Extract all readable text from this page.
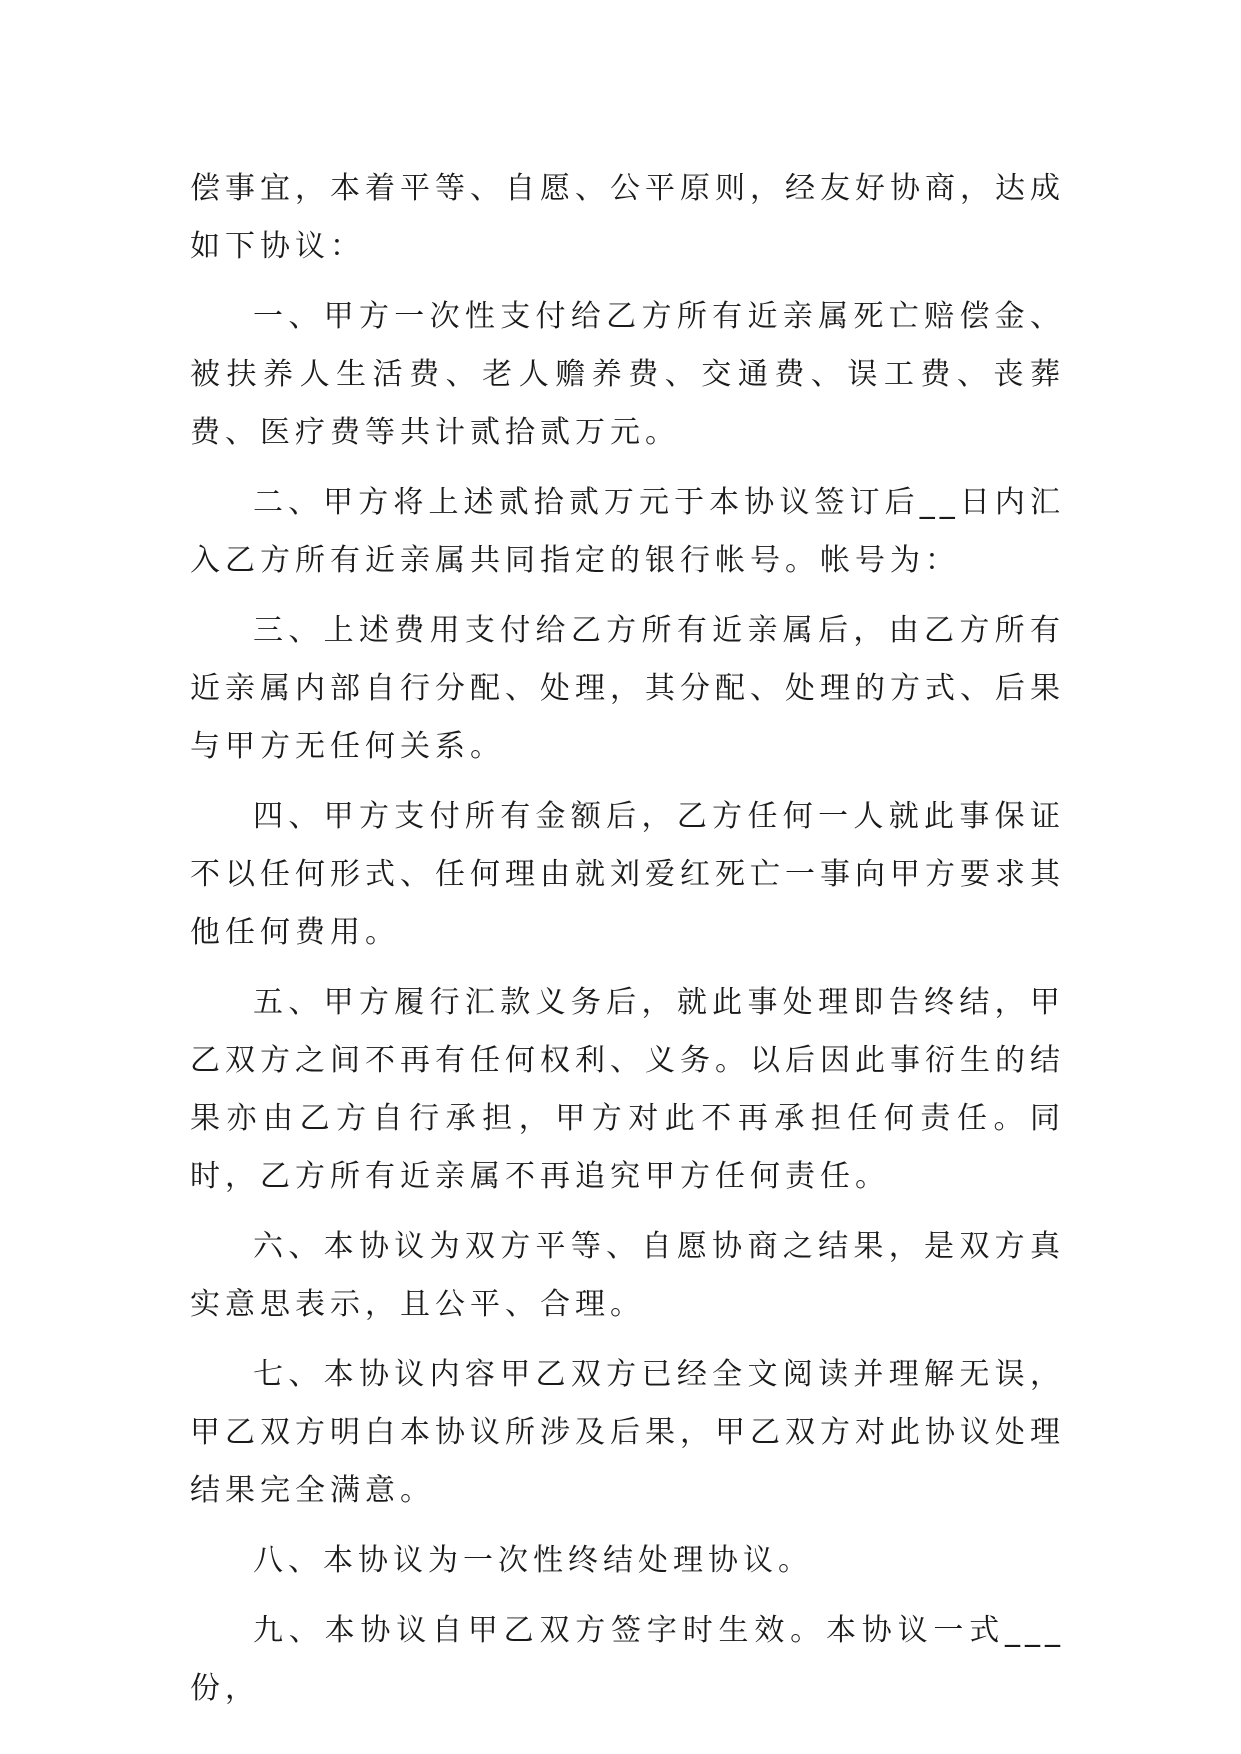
偿事宜，本着平等、自愿、公平原则，经友好协商，达成如下协议：

一、甲方一次性支付给乙方所有近亲属死亡赔偿金、被扶养人生活费、老人赡养费、交通费、误工费、丧葬费、医疗费等共计贰拾贰万元。

二、甲方将上述贰拾贰万元于本协议签订后__日内汇入乙方所有近亲属共同指定的银行帐号。帐号为：

三、上述费用支付给乙方所有近亲属后，由乙方所有近亲属内部自行分配、处理，其分配、处理的方式、后果与甲方无任何关系。

四、甲方支付所有金额后，乙方任何一人就此事保证不以任何形式、任何理由就刘爱红死亡一事向甲方要求其他任何费用。

五、甲方履行汇款义务后，就此事处理即告终结，甲乙双方之间不再有任何权利、义务。以后因此事衍生的结果亦由乙方自行承担，甲方对此不再承担任何责任。同时，乙方所有近亲属不再追究甲方任何责任。

六、本协议为双方平等、自愿协商之结果，是双方真实意思表示，且公平、合理。

七、本协议内容甲乙双方已经全文阅读并理解无误，甲乙双方明白本协议所涉及后果，甲乙双方对此协议处理结果完全满意。

八、本协议为一次性终结处理协议。

九、本协议自甲乙双方签字时生效。本协议一式___份，
